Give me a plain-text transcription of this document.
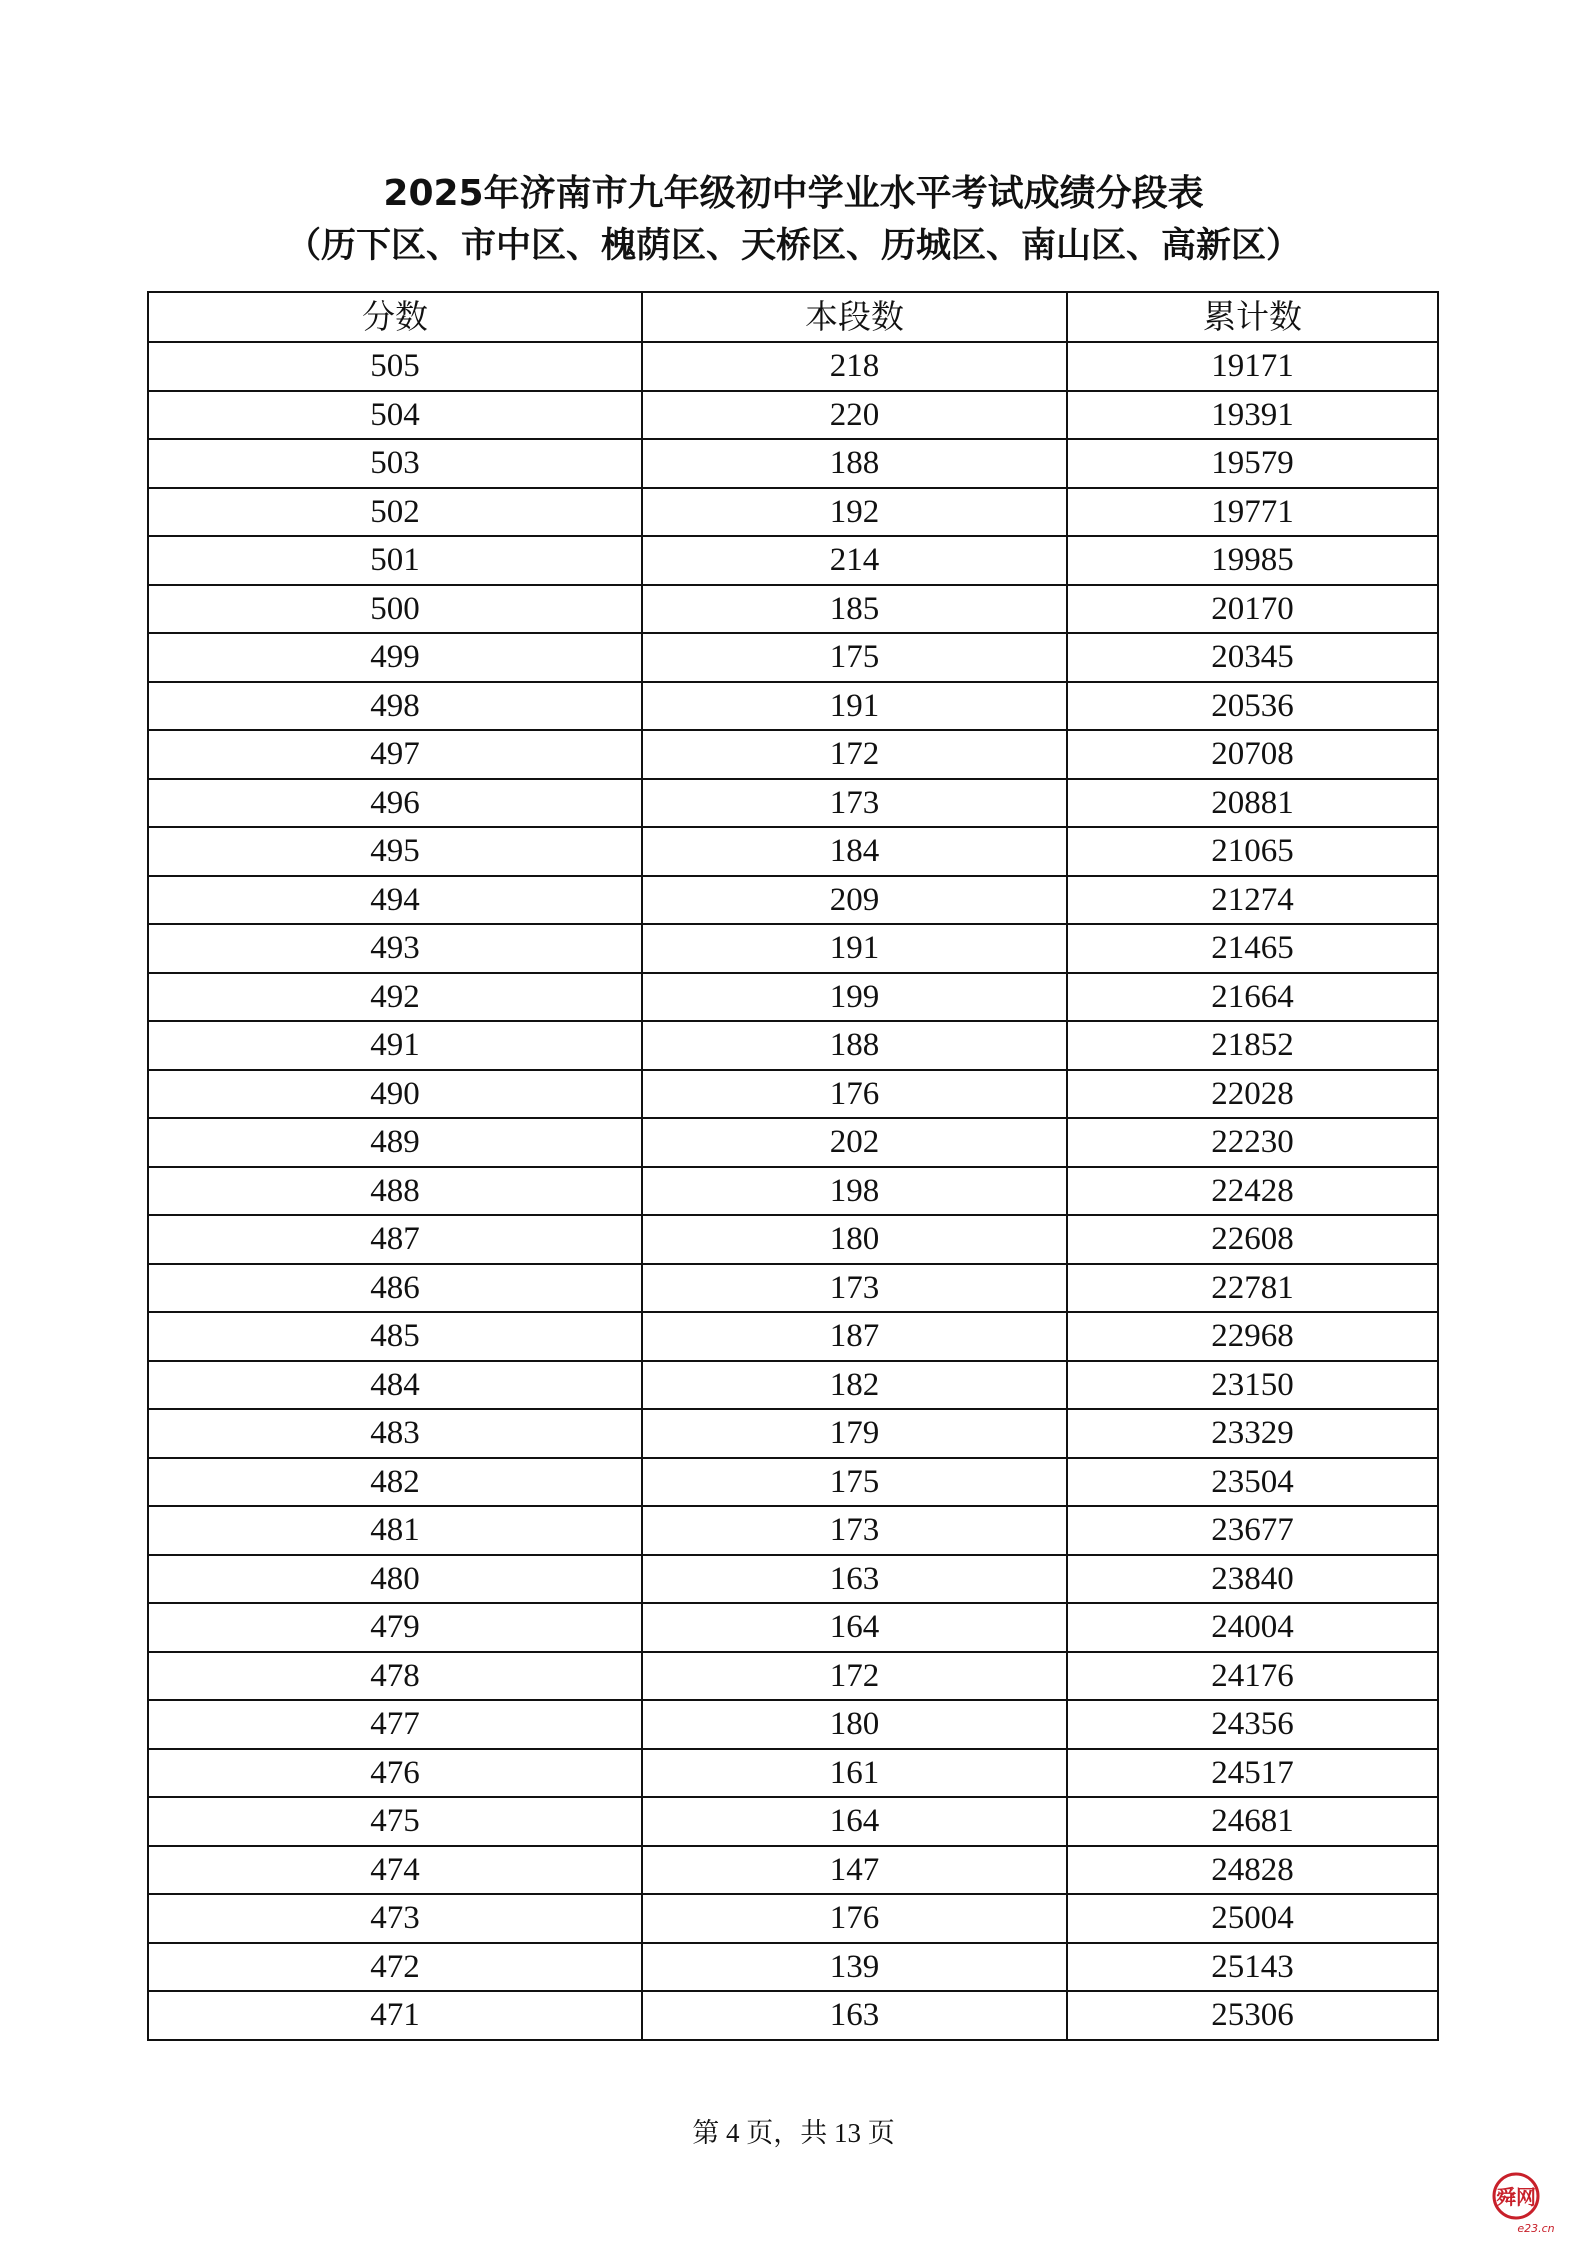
2025年济南市九年级初中学业水平考试成绩分段表
（历下区、市中区、槐荫区、天桥区、历城区、南山区、高新区）
分数	本段数	累计数
505	218	19171
504	220	19391
503	188	19579
502	192	19771
501	214	19985
500	185	20170
499	175	20345
498	191	20536
497	172	20708
496	173	20881
495	184	21065
494	209	21274
493	191	21465
492	199	21664
491	188	21852
490	176	22028
489	202	22230
488	198	22428
487	180	22608
486	173	22781
485	187	22968
484	182	23150
483	179	23329
482	175	23504
481	173	23677
480	163	23840
479	164	24004
478	172	24176
477	180	24356
476	161	24517
475	164	24681
474	147	24828
473	176	25004
472	139	25143
471	163	25306
第 4 页，共 13 页
舜网
e23.cn
